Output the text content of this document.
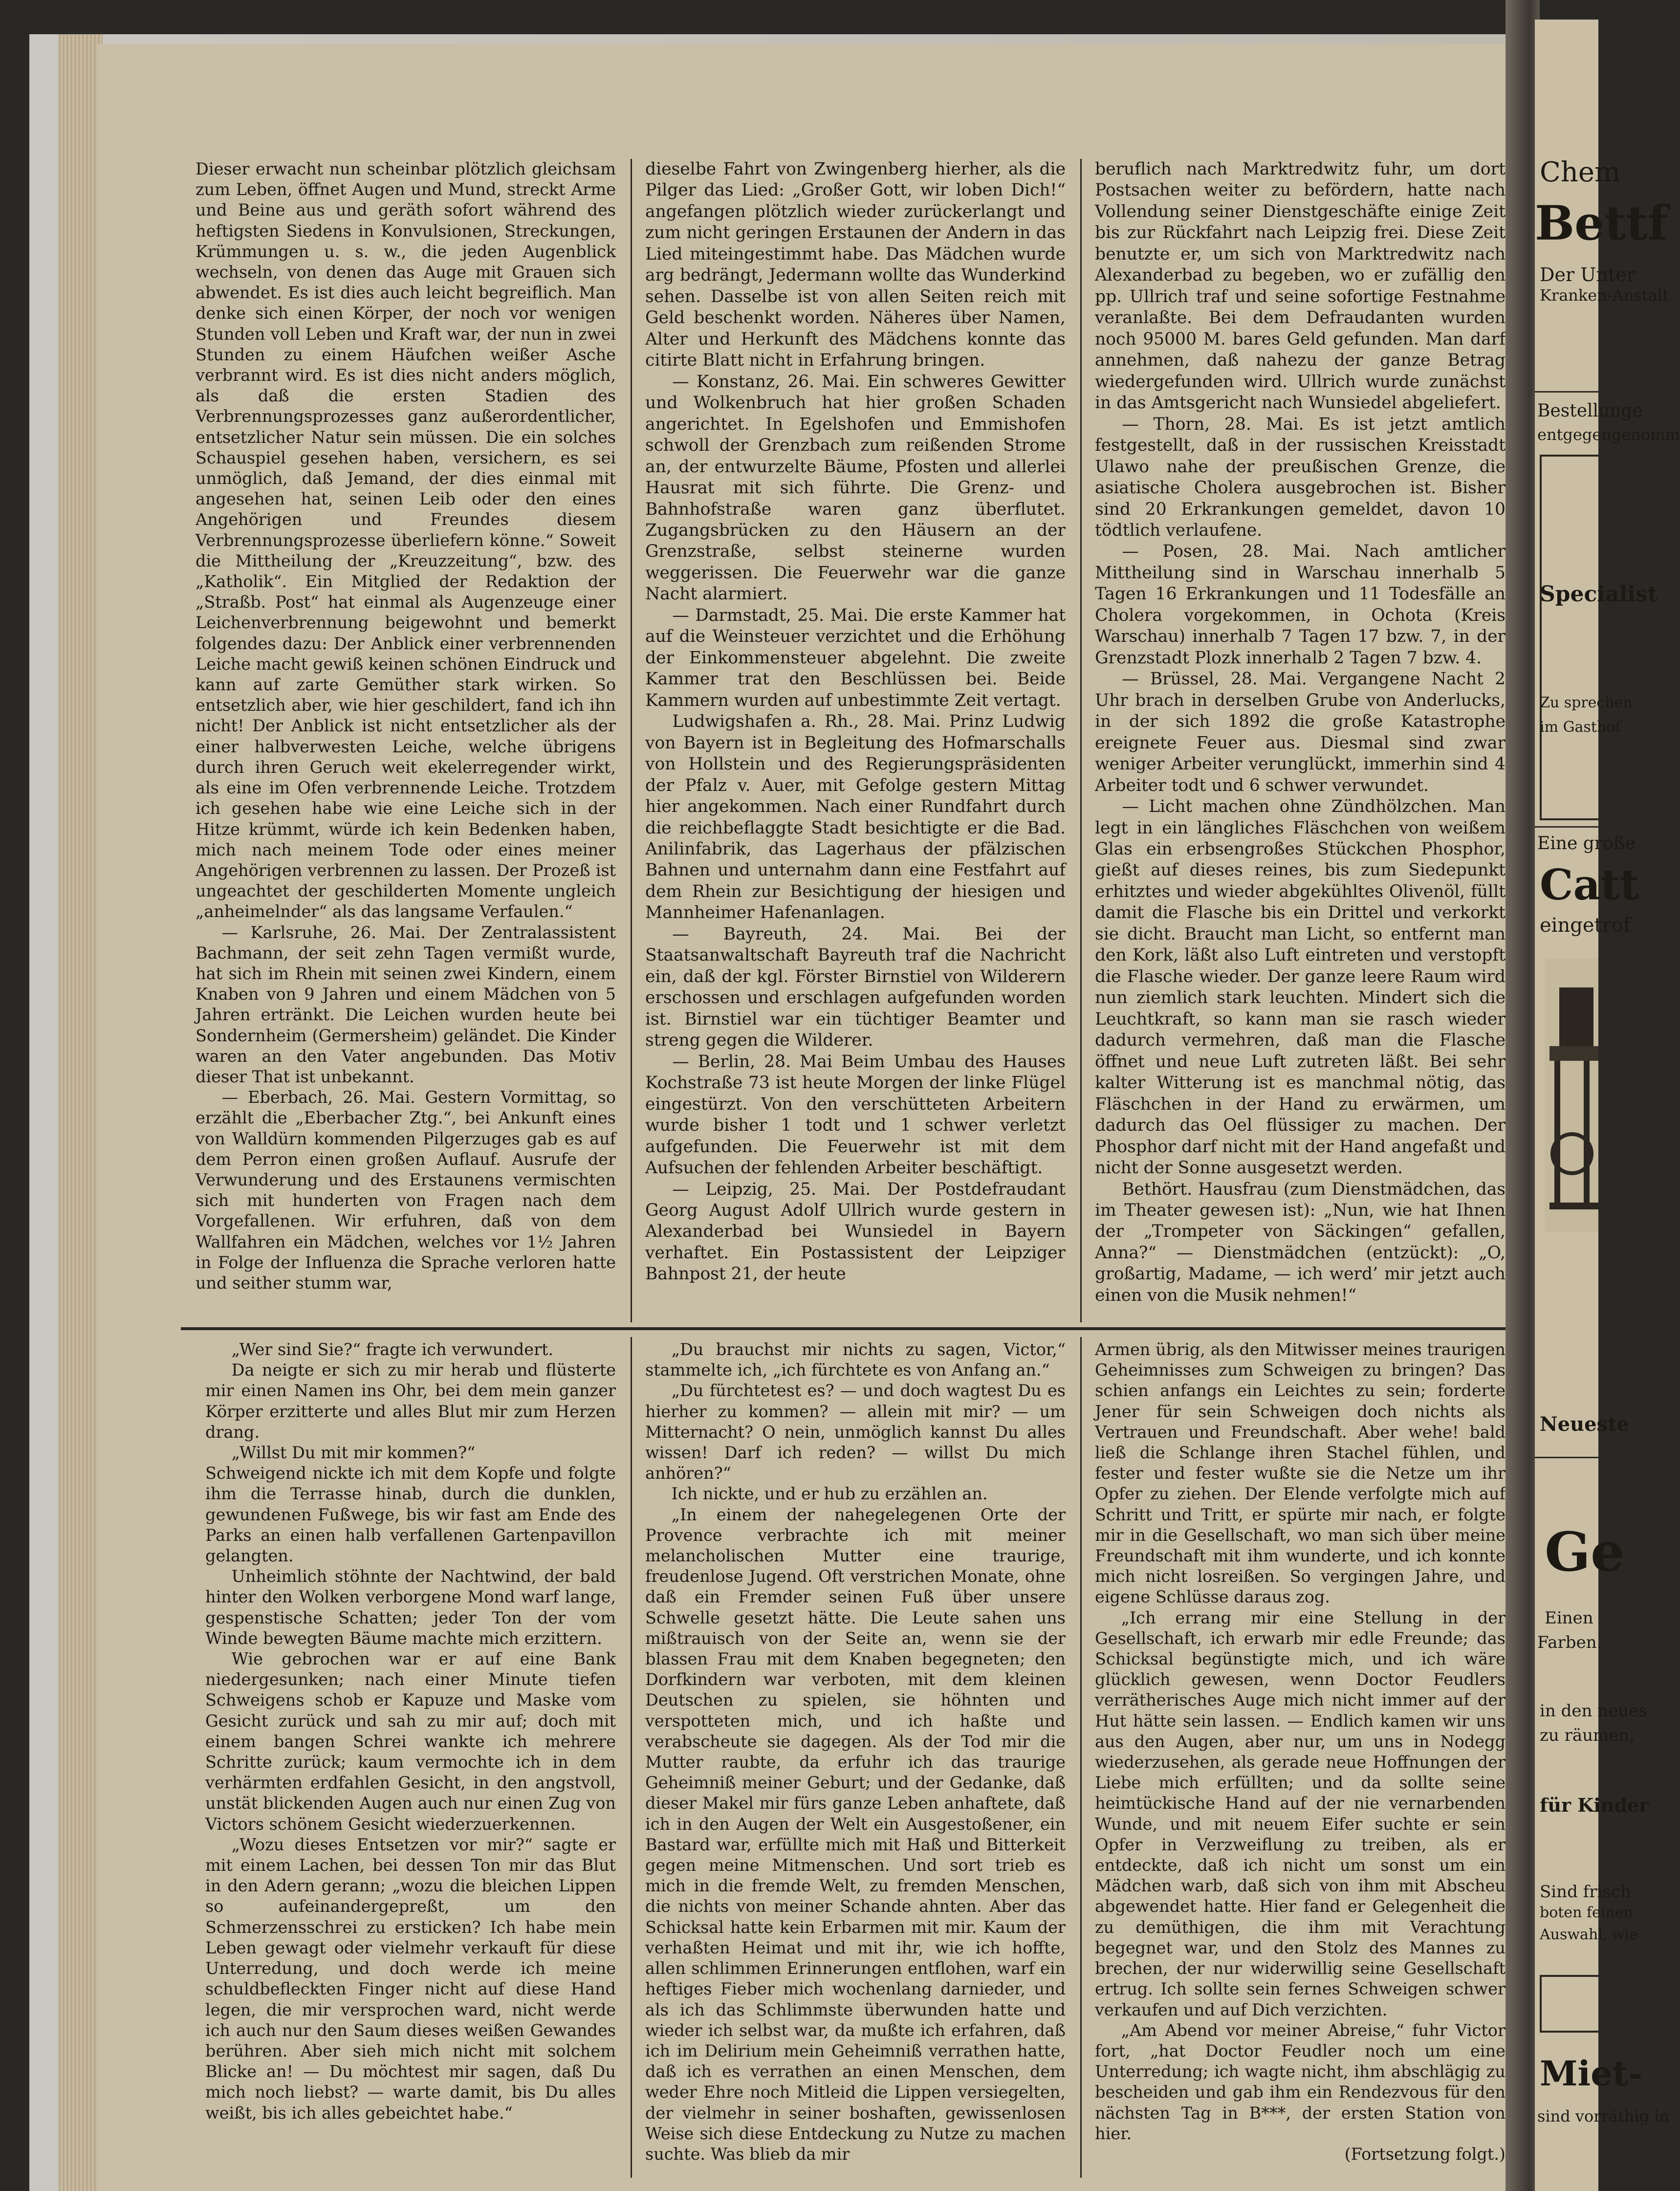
Dieser erwacht nun scheinbar plötzlich gleichsam zum Leben, öffnet Augen und Mund, streckt Arme und Beine aus und geräth sofort während des heftigsten Siedens in Konvulsionen, Streckungen, Krümmungen u. s. w., die jeden Augenblick wechseln, von denen das Auge mit Grauen sich abwendet. Es ist dies auch leicht begreiflich. Man denke sich einen Körper, der noch vor wenigen Stunden voll Leben und Kraft war, der nun in zwei Stunden zu einem Häufchen weißer Asche verbrannt wird. Es ist dies nicht anders möglich, als daß die ersten Stadien des Verbrennungsprozesses ganz außerordentlicher, entsetzlicher Natur sein müssen. Die ein solches Schauspiel gesehen haben, versichern, es sei unmöglich, daß Jemand, der dies einmal mit angesehen hat, seinen Leib oder den eines Angehörigen und Freundes diesem Verbrennungsprozesse überliefern könne.“ Soweit die Mittheilung der „Kreuzzeitung“, bzw. des „Katholik“. Ein Mitglied der Redaktion der „Straßb. Post“ hat einmal als Augenzeuge einer Leichenverbrennung beigewohnt und bemerkt folgendes dazu: Der Anblick einer verbrennenden Leiche macht gewiß keinen schönen Eindruck und kann auf zarte Gemüther stark wirken. So entsetzlich aber, wie hier geschildert, fand ich ihn nicht! Der Anblick ist nicht entsetzlicher als der einer halbverwesten Leiche, welche übrigens durch ihren Geruch weit ekelerregender wirkt, als eine im Ofen verbrennende Leiche. Trotzdem ich gesehen habe wie eine Leiche sich in der Hitze krümmt, würde ich kein Bedenken haben, mich nach meinem Tode oder eines meiner Angehörigen verbrennen zu lassen. Der Prozeß ist ungeachtet der geschilderten Momente ungleich „anheimelnder“ als das langsame Verfaulen.“

— Karlsruhe, 26. Mai. Der Zentralassistent Bachmann, der seit zehn Tagen vermißt wurde, hat sich im Rhein mit seinen zwei Kindern, einem Knaben von 9 Jahren und einem Mädchen von 5 Jahren ertränkt. Die Leichen wurden heute bei Sondernheim (Germersheim) geländet. Die Kinder waren an den Vater angebunden. Das Motiv dieser That ist unbekannt.

— Eberbach, 26. Mai. Gestern Vormittag, so erzählt die „Eberbacher Ztg.“, bei Ankunft eines von Walldürn kommenden Pilgerzuges gab es auf dem Perron einen großen Auflauf. Ausrufe der Verwunderung und des Erstaunens vermischten sich mit hunderten von Fragen nach dem Vorgefallenen. Wir erfuhren, daß von dem Wallfahren ein Mädchen, welches vor 1½ Jahren in Folge der Influenza die Sprache verloren hatte und seither stumm war,

dieselbe Fahrt von Zwingenberg hierher, als die Pilger das Lied: „Großer Gott, wir loben Dich!“ angefangen plötzlich wieder zurückerlangt und zum nicht geringen Erstaunen der Andern in das Lied miteingestimmt habe. Das Mädchen wurde arg bedrängt, Jedermann wollte das Wunderkind sehen. Dasselbe ist von allen Seiten reich mit Geld beschenkt worden. Näheres über Namen, Alter und Herkunft des Mädchens konnte das citirte Blatt nicht in Erfahrung bringen.

— Konstanz, 26. Mai. Ein schweres Gewitter und Wolkenbruch hat hier großen Schaden angerichtet. In Egelshofen und Emmishofen schwoll der Grenzbach zum reißenden Strome an, der entwurzelte Bäume, Pfosten und allerlei Hausrat mit sich führte. Die Grenz- und Bahnhofstraße waren ganz überflutet. Zugangsbrücken zu den Häusern an der Grenzstraße, selbst steinerne wurden weggerissen. Die Feuerwehr war die ganze Nacht alarmiert.

— Darmstadt, 25. Mai. Die erste Kammer hat auf die Weinsteuer verzichtet und die Erhöhung der Einkommensteuer abgelehnt. Die zweite Kammer trat den Beschlüssen bei. Beide Kammern wurden auf unbestimmte Zeit vertagt.

Ludwigshafen a. Rh., 28. Mai. Prinz Ludwig von Bayern ist in Begleitung des Hofmarschalls von Hollstein und des Regierungspräsidenten der Pfalz v. Auer, mit Gefolge gestern Mittag hier angekommen. Nach einer Rundfahrt durch die reichbeflaggte Stadt besichtigte er die Bad. Anilinfabrik, das Lagerhaus der pfälzischen Bahnen und unternahm dann eine Festfahrt auf dem Rhein zur Besichtigung der hiesigen und Mannheimer Hafenanlagen.

— Bayreuth, 24. Mai. Bei der Staatsanwaltschaft Bayreuth traf die Nachricht ein, daß der kgl. Förster Birnstiel von Wilderern erschossen und erschlagen aufgefunden worden ist. Birnstiel war ein tüchtiger Beamter und streng gegen die Wilderer.

— Berlin, 28. Mai Beim Umbau des Hauses Kochstraße 73 ist heute Morgen der linke Flügel eingestürzt. Von den verschütteten Arbeitern wurde bisher 1 todt und 1 schwer verletzt aufgefunden. Die Feuerwehr ist mit dem Aufsuchen der fehlenden Arbeiter beschäftigt.

— Leipzig, 25. Mai. Der Postdefraudant Georg August Adolf Ullrich wurde gestern in Alexanderbad bei Wunsiedel in Bayern verhaftet. Ein Postassistent der Leipziger Bahnpost 21, der heute

beruflich nach Marktredwitz fuhr, um dort Postsachen weiter zu befördern, hatte nach Vollendung seiner Dienstgeschäfte einige Zeit bis zur Rückfahrt nach Leipzig frei. Diese Zeit benutzte er, um sich von Marktredwitz nach Alexanderbad zu begeben, wo er zufällig den pp. Ullrich traf und seine sofortige Festnahme veranlaßte. Bei dem Defraudanten wurden noch 95000 M. bares Geld gefunden. Man darf annehmen, daß nahezu der ganze Betrag wiedergefunden wird. Ullrich wurde zunächst in das Amtsgericht nach Wunsiedel abgeliefert.

— Thorn, 28. Mai. Es ist jetzt amtlich festgestellt, daß in der russischen Kreisstadt Ulawo nahe der preußischen Grenze, die asiatische Cholera ausgebrochen ist. Bisher sind 20 Erkrankungen gemeldet, davon 10 tödtlich verlaufene.

— Posen, 28. Mai. Nach amtlicher Mittheilung sind in Warschau innerhalb 5 Tagen 16 Erkrankungen und 11 Todesfälle an Cholera vorgekommen, in Ochota (Kreis Warschau) innerhalb 7 Tagen 17 bzw. 7, in der Grenzstadt Plozk innerhalb 2 Tagen 7 bzw. 4.

— Brüssel, 28. Mai. Vergangene Nacht 2 Uhr brach in derselben Grube von Anderlucks, in der sich 1892 die große Katastrophe ereignete Feuer aus. Diesmal sind zwar weniger Arbeiter verunglückt, immerhin sind 4 Arbeiter todt und 6 schwer verwundet.

— Licht machen ohne Zündhölzchen. Man legt in ein längliches Fläschchen von weißem Glas ein erbsengroßes Stückchen Phosphor, gießt auf dieses reines, bis zum Siedepunkt erhitztes und wieder abgekühltes Olivenöl, füllt damit die Flasche bis ein Drittel und verkorkt sie dicht. Braucht man Licht, so entfernt man den Kork, läßt also Luft eintreten und verstopft die Flasche wieder. Der ganze leere Raum wird nun ziemlich stark leuchten. Mindert sich die Leuchtkraft, so kann man sie rasch wieder dadurch vermehren, daß man die Flasche öffnet und neue Luft zutreten läßt. Bei sehr kalter Witterung ist es manchmal nötig, das Fläschchen in der Hand zu erwärmen, um dadurch das Oel flüssiger zu machen. Der Phosphor darf nicht mit der Hand angefaßt und nicht der Sonne ausgesetzt werden.

Bethört. Hausfrau (zum Dienstmädchen, das im Theater gewesen ist): „Nun, wie hat Ihnen der „Trompeter von Säckingen“ gefallen, Anna?“ — Dienstmädchen (entzückt): „O, großartig, Madame, — ich werd’ mir jetzt auch einen von die Musik nehmen!“

„Wer sind Sie?“ fragte ich verwundert.

Da neigte er sich zu mir herab und flüsterte mir einen Namen ins Ohr, bei dem mein ganzer Körper erzitterte und alles Blut mir zum Herzen drang.

„Willst Du mit mir kommen?“

Schweigend nickte ich mit dem Kopfe und folgte ihm die Terrasse hinab, durch die dunklen, gewundenen Fußwege, bis wir fast am Ende des Parks an einen halb verfallenen Gartenpavillon gelangten.

Unheimlich stöhnte der Nachtwind, der bald hinter den Wolken verborgene Mond warf lange, gespenstische Schatten; jeder Ton der vom Winde bewegten Bäume machte mich erzittern.

Wie gebrochen war er auf eine Bank niedergesunken; nach einer Minute tiefen Schweigens schob er Kapuze und Maske vom Gesicht zurück und sah zu mir auf; doch mit einem bangen Schrei wankte ich mehrere Schritte zurück; kaum vermochte ich in dem verhärmten erdfahlen Gesicht, in den angstvoll, unstät blickenden Augen auch nur einen Zug von Victors schönem Gesicht wiederzuerkennen.

„Wozu dieses Entsetzen vor mir?“ sagte er mit einem Lachen, bei dessen Ton mir das Blut in den Adern gerann; „wozu die bleichen Lippen so aufeinandergepreßt, um den Schmerzensschrei zu ersticken? Ich habe mein Leben gewagt oder vielmehr verkauft für diese Unterredung, und doch werde ich meine schuldbefleckten Finger nicht auf diese Hand legen, die mir versprochen ward, nicht werde ich auch nur den Saum dieses weißen Gewandes berühren. Aber sieh mich nicht mit solchem Blicke an! — Du möchtest mir sagen, daß Du mich noch liebst? — warte damit, bis Du alles weißt, bis ich alles gebeichtet habe.“

„Du brauchst mir nichts zu sagen, Victor,“ stammelte ich, „ich fürchtete es von Anfang an.“

„Du fürchtetest es? — und doch wagtest Du es hierher zu kommen? — allein mit mir? — um Mitternacht? O nein, unmöglich kannst Du alles wissen! Darf ich reden? — willst Du mich anhören?“

Ich nickte, und er hub zu erzählen an.

„In einem der nahegelegenen Orte der Provence verbrachte ich mit meiner melancholischen Mutter eine traurige, freudenlose Jugend. Oft verstrichen Monate, ohne daß ein Fremder seinen Fuß über unsere Schwelle gesetzt hätte. Die Leute sahen uns mißtrauisch von der Seite an, wenn sie der blassen Frau mit dem Knaben begegneten; den Dorfkindern war verboten, mit dem kleinen Deutschen zu spielen, sie höhnten und verspotteten mich, und ich haßte und verabscheute sie dagegen. Als der Tod mir die Mutter raubte, da erfuhr ich das traurige Geheimniß meiner Geburt; und der Gedanke, daß dieser Makel mir fürs ganze Leben anhaftete, daß ich in den Augen der Welt ein Ausgestoßener, ein Bastard war, erfüllte mich mit Haß und Bitterkeit gegen meine Mitmenschen. Und sort trieb es mich in die fremde Welt, zu fremden Menschen, die nichts von meiner Schande ahnten. Aber das Schicksal hatte kein Erbarmen mit mir. Kaum der verhaßten Heimat und mit ihr, wie ich hoffte, allen schlimmen Erinnerungen entflohen, warf ein heftiges Fieber mich wochenlang darnieder, und als ich das Schlimmste überwunden hatte und wieder ich selbst war, da mußte ich erfahren, daß ich im Delirium mein Geheimniß verrathen hatte, daß ich es verrathen an einen Menschen, dem weder Ehre noch Mitleid die Lippen versiegelten, der vielmehr in seiner boshaften, gewissenlosen Weise sich diese Entdeckung zu Nutze zu machen suchte. Was blieb da mir

Armen übrig, als den Mitwisser meines traurigen Geheimnisses zum Schweigen zu bringen? Das schien anfangs ein Leichtes zu sein; forderte Jener für sein Schweigen doch nichts als Vertrauen und Freundschaft. Aber wehe! bald ließ die Schlange ihren Stachel fühlen, und fester und fester wußte sie die Netze um ihr Opfer zu ziehen. Der Elende verfolgte mich auf Schritt und Tritt, er spürte mir nach, er folgte mir in die Gesellschaft, wo man sich über meine Freundschaft mit ihm wunderte, und ich konnte mich nicht losreißen. So vergingen Jahre, und eigene Schlüsse daraus zog.

„Ich errang mir eine Stellung in der Gesellschaft, ich erwarb mir edle Freunde; das Schicksal begünstigte mich, und ich wäre glücklich gewesen, wenn Doctor Feudlers verrätherisches Auge mich nicht immer auf der Hut hätte sein lassen. — Endlich kamen wir uns aus den Augen, aber nur, um uns in Nodegg wiederzusehen, als gerade neue Hoffnungen der Liebe mich erfüllten; und da sollte seine heimtückische Hand auf der nie vernarbenden Wunde, und mit neuem Eifer suchte er sein Opfer in Verzweiflung zu treiben, als er entdeckte, daß ich nicht um sonst um ein Mädchen warb, daß sich von ihm mit Abscheu abgewendet hatte. Hier fand er Gelegenheit die zu demüthigen, die ihm mit Verachtung begegnet war, und den Stolz des Mannes zu brechen, der nur widerwillig seine Gesellschaft ertrug. Ich sollte sein fernes Schweigen schwer verkaufen und auf Dich verzichten.

„Am Abend vor meiner Abreise,“ fuhr Victor fort, „hat Doctor Feudler noch um eine Unterredung; ich wagte nicht, ihm abschlägig zu bescheiden und gab ihm ein Rendezvous für den nächsten Tag in B***, der ersten Station von hier.

(Fortsetzung folgt.)

Chem
Bettf
Der Unter
Kranken-Anstalt
Bestellunge
entgegengenomm
Specialist
Zu sprechen
im Gasthof
Eine große
Catt
eingetrof
Neueste
Ge
Einen
Farben.
in den neues
zu räumen,
für Kinder
Sind frisch
boten feinen
Auswahl, wie
Miet-
sind vorräthig in
